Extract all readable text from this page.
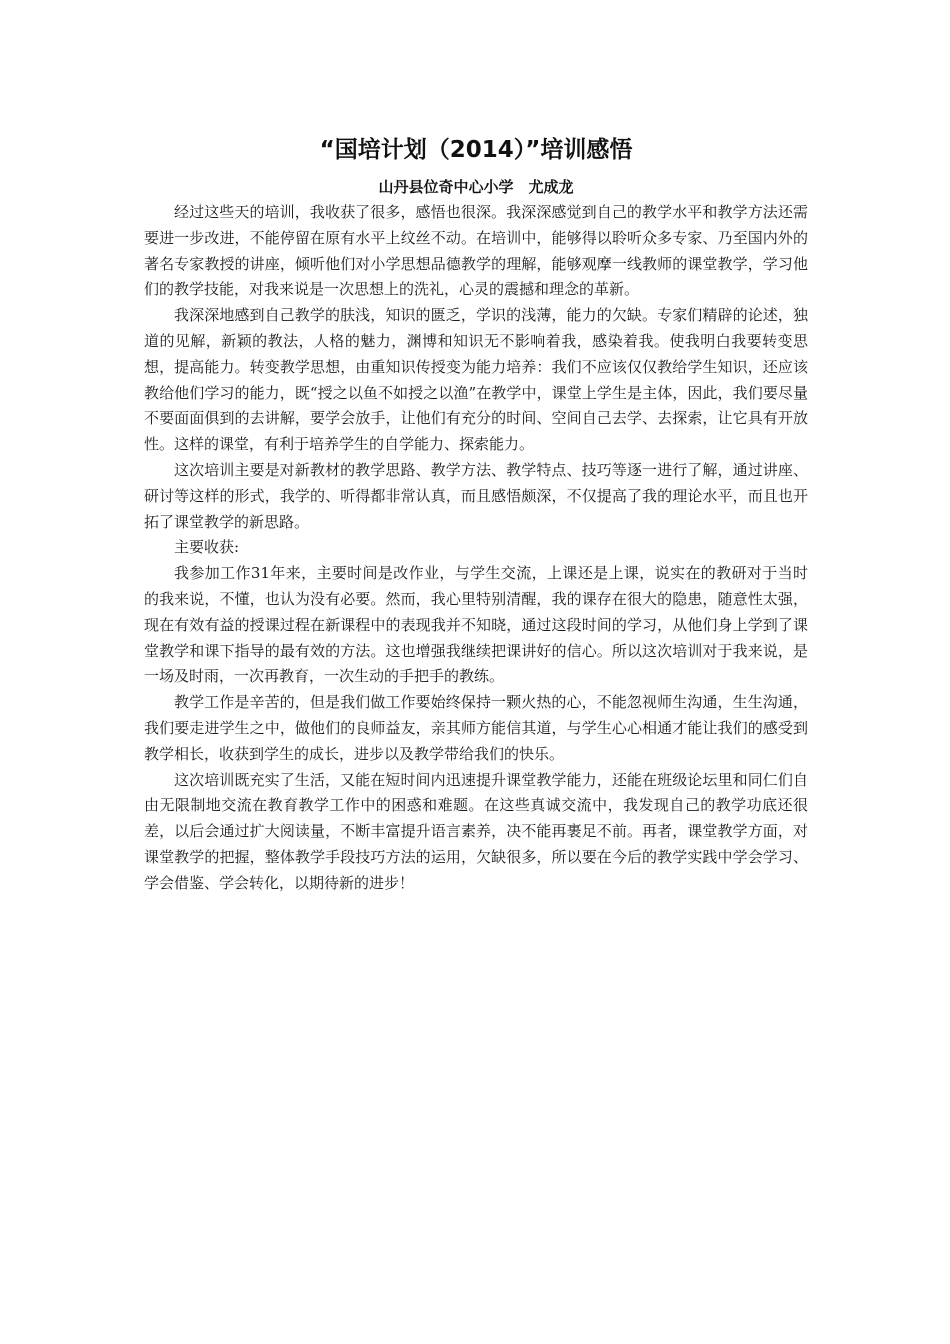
“国培计划（2014）”培训感悟

山丹县位奇中心小学　尤成龙

经过这些天的培训，我收获了很多，感悟也很深。我深深感觉到自己的教学水平和教学方法还需要进一步改进，不能停留在原有水平上纹丝不动。在培训中，能够得以聆听众多专家、乃至国内外的著名专家教授的讲座，倾听他们对小学思想品德教学的理解，能够观摩一线教师的课堂教学，学习他们的教学技能，对我来说是一次思想上的洗礼，心灵的震撼和理念的革新。

我深深地感到自己教学的肤浅，知识的匮乏，学识的浅薄，能力的欠缺。专家们精辟的论述，独道的见解，新颖的教法，人格的魅力，渊博和知识无不影响着我，感染着我。使我明白我要转变思想，提高能力。转变教学思想，由重知识传授变为能力培养：我们不应该仅仅教给学生知识，还应该教给他们学习的能力，既“授之以鱼不如授之以渔”在教学中，课堂上学生是主体，因此，我们要尽量不要面面俱到的去讲解，要学会放手，让他们有充分的时间、空间自己去学、去探索，让它具有开放性。这样的课堂，有利于培养学生的自学能力、探索能力。

这次培训主要是对新教材的教学思路、教学方法、教学特点、技巧等逐一进行了解，通过讲座、研讨等这样的形式，我学的、听得都非常认真，而且感悟颇深，不仅提高了我的理论水平，而且也开拓了课堂教学的新思路。

主要收获:

我参加工作31年来，主要时间是改作业，与学生交流，上课还是上课，说实在的教研对于当时的我来说，不懂，也认为没有必要。然而，我心里特别清醒，我的课存在很大的隐患，随意性太强，现在有效有益的授课过程在新课程中的表现我并不知晓，通过这段时间的学习，从他们身上学到了课堂教学和课下指导的最有效的方法。这也增强我继续把课讲好的信心。所以这次培训对于我来说，是一场及时雨，一次再教育，一次生动的手把手的教练。

教学工作是辛苦的，但是我们做工作要始终保持一颗火热的心，不能忽视师生沟通，生生沟通，我们要走进学生之中，做他们的良师益友，亲其师方能信其道，与学生心心相通才能让我们的感受到教学相长，收获到学生的成长，进步以及教学带给我们的快乐。

这次培训既充实了生活，又能在短时间内迅速提升课堂教学能力，还能在班级论坛里和同仁们自由无限制地交流在教育教学工作中的困惑和难题。在这些真诚交流中，我发现自己的教学功底还很差，以后会通过扩大阅读量，不断丰富提升语言素养，决不能再裹足不前。再者，课堂教学方面，对课堂教学的把握，整体教学手段技巧方法的运用，欠缺很多，所以要在今后的教学实践中学会学习、学会借鉴、学会转化，以期待新的进步！
